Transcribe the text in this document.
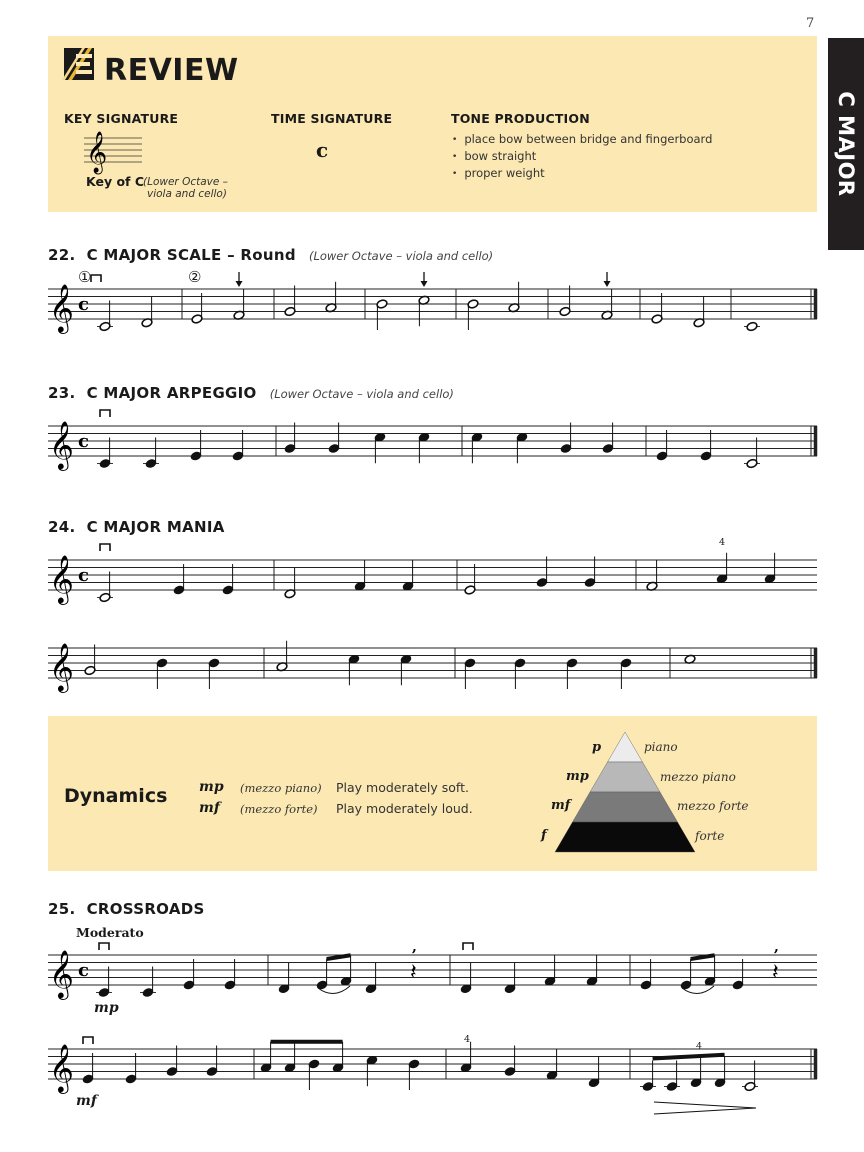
7
C MAJOR
REVIEW
KEY SIGNATURE
𝄞
Key of C (Lower Octave –
viola and cello)
TIME SIGNATURE
c
TONE PRODUCTION
• place bow between bridge and fingerboard
• bow straight
• proper weight
22. C MAJOR SCALE – Round (Lower Octave – viola and cello)
23. C MAJOR ARPEGGIO (Lower Octave – viola and cello)
24. C MAJOR MANIA
25. CROSSROADS
①	②
4
4
4
Moderato
mp
mf
Dynamics mp (mezzo piano) Play moderately soft.
mf (mezzo forte) Play moderately loud.
p
mp
mf
f
piano
mezzo piano
mezzo forte
forte
𝄞 c
𝄞 c
𝄞 c
𝄞
𝄞 c	𝄽	𝄽
,	,
𝄞
